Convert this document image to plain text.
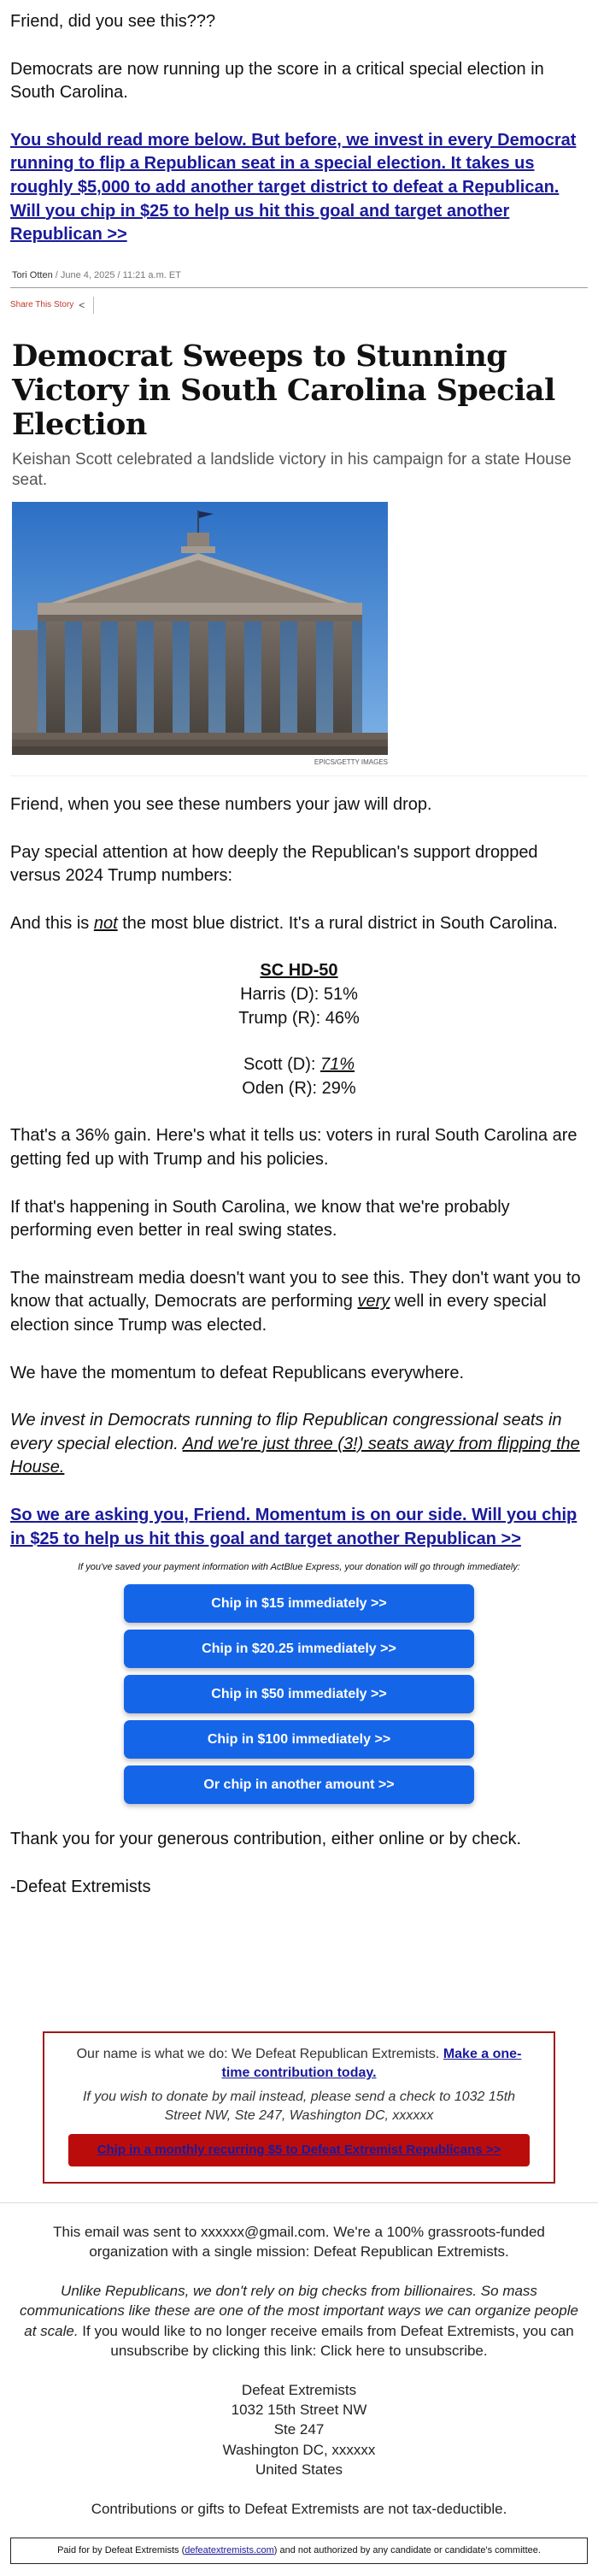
Friend, did you see this???

Democrats are now running up the score in a critical special election in South Carolina.

You should read more below. But before, we invest in every Democrat running to flip a Republican seat in a special election. It takes us roughly $5,000 to add another target district to defeat a Republican. Will you chip in $25 to help us hit this goal and target another Republican >>

Tori Otten / June 4, 2025 / 11:21 a.m. ET
Share This Story <
Democrat Sweeps to Stunning Victory in South Carolina Special Election

Keishan Scott celebrated a landslide victory in his campaign for a state House seat.

EPICS/GETTY IMAGES

Friend, when you see these numbers your jaw will drop.

Pay special attention at how deeply the Republican's support dropped versus 2024 Trump numbers:

And this is not the most blue district. It's a rural district in South Carolina.

SC HD-50
Harris (D): 51%
Trump (R): 46%
Scott (D): 71%
Oden (R): 29%

That's a 36% gain. Here's what it tells us: voters in rural South Carolina are getting fed up with Trump and his policies.

If that's happening in South Carolina, we know that we're probably performing even better in real swing states.

The mainstream media doesn't want you to see this. They don't want you to know that actually, Democrats are performing very well in every special election since Trump was elected.

We have the momentum to defeat Republicans everywhere.

We invest in Democrats running to flip Republican congressional seats in every special election. And we're just three (3!) seats away from flipping the House.

So we are asking you, Friend. Momentum is on our side. Will you chip in $25 to help us hit this goal and target another Republican >>

If you've saved your payment information with ActBlue Express, your donation will go through immediately:

Chip in $15 immediately >>
Chip in $20.25 immediately >>
Chip in $50 immediately >>
Chip in $100 immediately >>
Or chip in another amount >>

Thank you for your generous contribution, either online or by check.

-Defeat Extremists

Our name is what we do: We Defeat Republican Extremists. Make a one-time contribution today.
If you wish to donate by mail instead, please send a check to 1032 15th Street NW, Ste 247, Washington DC, xxxxxx
Chip in a monthly recurring $5 to Defeat Extremist Republicans >>

This email was sent to xxxxxx@gmail.com. We're a 100% grassroots-funded organization with a single mission: Defeat Republican Extremists.

Unlike Republicans, we don't rely on big checks from billionaires. So mass communications like these are one of the most important ways we can organize people at scale. If you would like to no longer receive emails from Defeat Extremists, you can unsubscribe by clicking this link: Click here to unsubscribe.

Defeat Extremists
1032 15th Street NW
Ste 247
Washington DC, xxxxxx
United States

Contributions or gifts to Defeat Extremists are not tax-deductible.

Paid for by Defeat Extremists (defeatextremists.com) and not authorized by any candidate or candidate's committee.
